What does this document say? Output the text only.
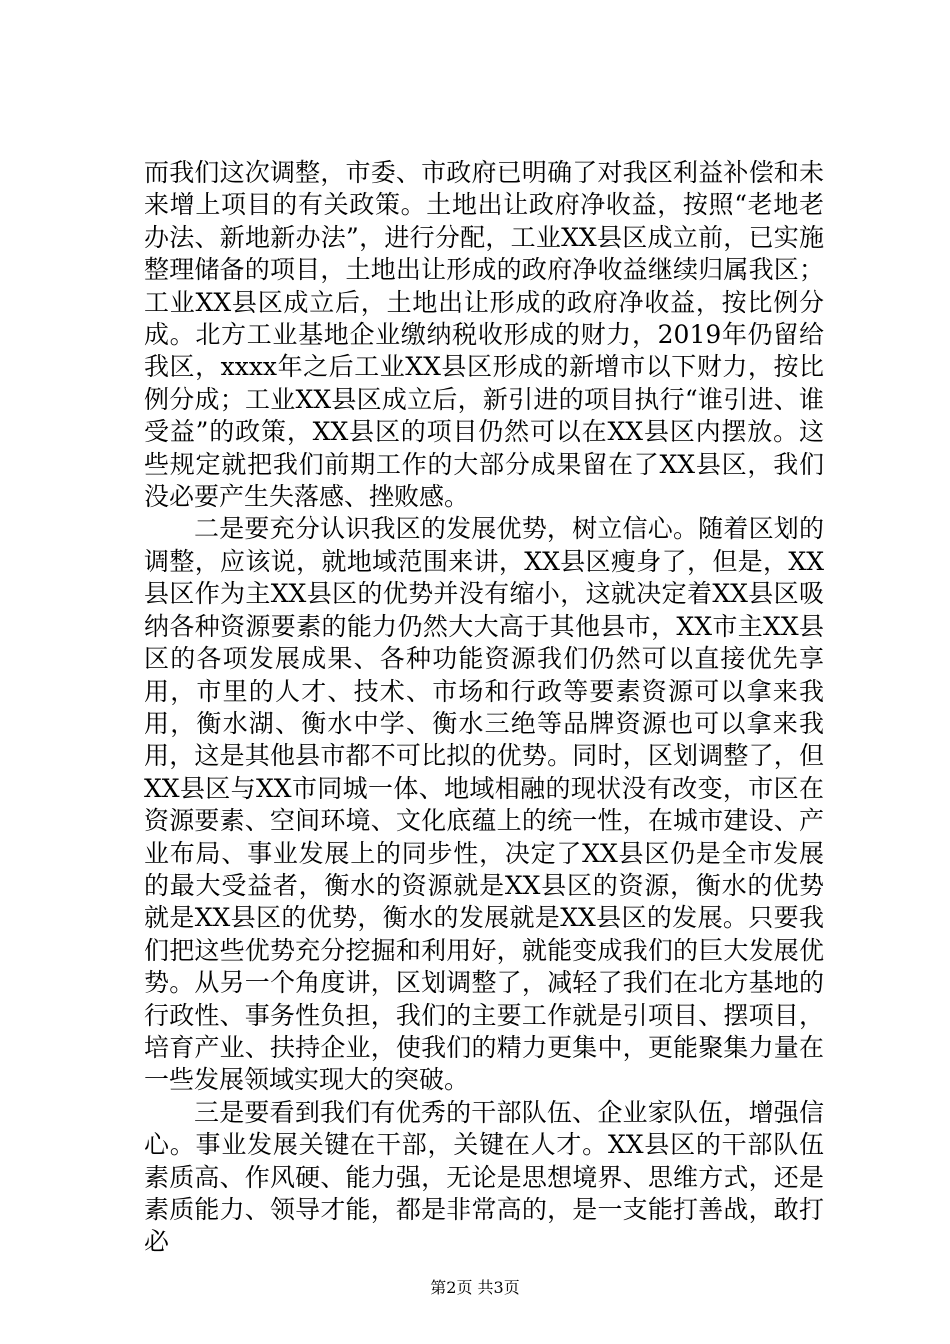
而我们这次调整，市委、市政府已明确了对我区利益补偿和未来增上项目的有关政策。土地出让政府净收益，按照“老地老办法、新地新办法”，进行分配，工业XX县区成立前，已实施整理储备的项目，土地出让形成的政府净收益继续归属我区；工业XX县区成立后，土地出让形成的政府净收益，按比例分成。北方工业基地企业缴纳税收形成的财力，2019年仍留给我区，xxxx年之后工业XX县区形成的新增市以下财力，按比例分成；工业XX县区成立后，新引进的项目执行“谁引进、谁受益”的政策，XX县区的项目仍然可以在XX县区内摆放。这些规定就把我们前期工作的大部分成果留在了XX县区，我们没必要产生失落感、挫败感。

二是要充分认识我区的发展优势，树立信心。随着区划的调整，应该说，就地域范围来讲，XX县区瘦身了，但是，XX县区作为主XX县区的优势并没有缩小，这就决定着XX县区吸纳各种资源要素的能力仍然大大高于其他县市，XX市主XX县区的各项发展成果、各种功能资源我们仍然可以直接优先享用，市里的人才、技术、市场和行政等要素资源可以拿来我用，衡水湖、衡水中学、衡水三绝等品牌资源也可以拿来我用，这是其他县市都不可比拟的优势。同时，区划调整了，但XX县区与XX市同城一体、地域相融的现状没有改变，市区在资源要素、空间环境、文化底蕴上的统一性，在城市建设、产业布局、事业发展上的同步性，决定了XX县区仍是全市发展的最大受益者，衡水的资源就是XX县区的资源，衡水的优势就是XX县区的优势，衡水的发展就是XX县区的发展。只要我们把这些优势充分挖掘和利用好，就能变成我们的巨大发展优势。从另一个角度讲，区划调整了，减轻了我们在北方基地的行政性、事务性负担，我们的主要工作就是引项目、摆项目，培育产业、扶持企业，使我们的精力更集中，更能聚集力量在一些发展领域实现大的突破。

三是要看到我们有优秀的干部队伍、企业家队伍，增强信心。事业发展关键在干部，关键在人才。XX县区的干部队伍素质高、作风硬、能力强，无论是思想境界、思维方式，还是素质能力、领导才能，都是非常高的，是一支能打善战，敢打必

第2页 共3页
